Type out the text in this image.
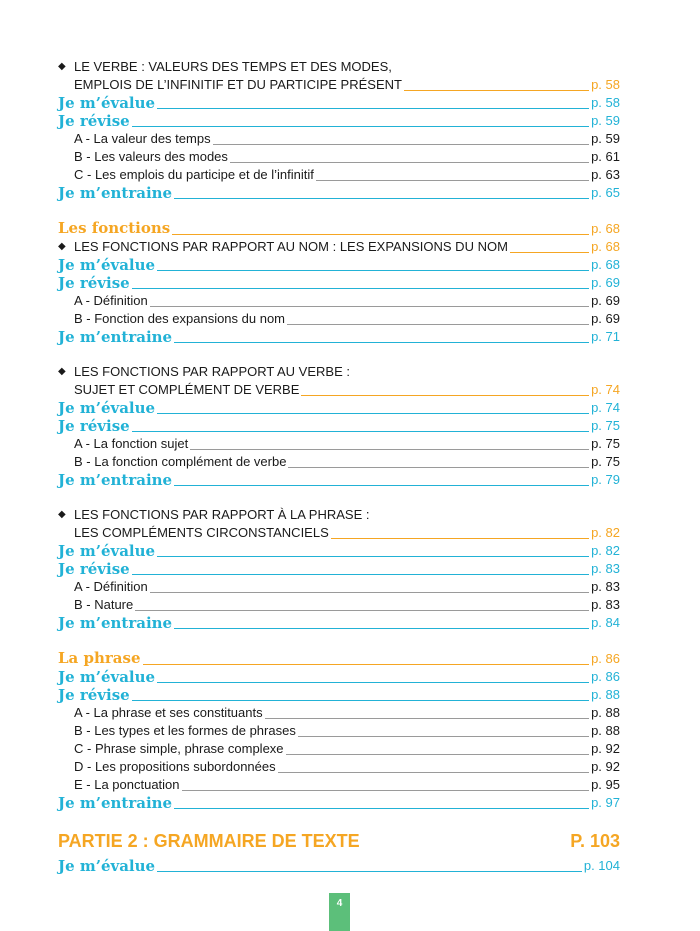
◆ LE VERBE : VALEURS DES TEMPS ET DES MODES,
EMPLOIS DE L’INFINITIF ET DU PARTICIPE PRÉSENT	p. 58
Je m’évalue	p. 58
Je révise	p. 59
A - La valeur des temps	p. 59
B - Les valeurs des modes	p. 61
C - Les emplois du participe et de l’infinitif	p. 63
Je m’entraine	p. 65
Les fonctions	p. 68
◆ LES FONCTIONS PAR RAPPORT AU NOM : LES EXPANSIONS DU NOM	p. 68
Je m’évalue	p. 68
Je révise	p. 69
A - Définition	p. 69
B - Fonction des expansions du nom	p. 69
Je m’entraine	p. 71
◆ LES FONCTIONS PAR RAPPORT AU VERBE :
SUJET ET COMPLÉMENT DE VERBE	p. 74
Je m’évalue	p. 74
Je révise	p. 75
A - La fonction sujet	p. 75
B - La fonction complément de verbe	p. 75
Je m’entraine	p. 79
◆ LES FONCTIONS PAR RAPPORT À LA PHRASE :
LES COMPLÉMENTS CIRCONSTANCIELS	p. 82
Je m’évalue	p. 82
Je révise	p. 83
A - Définition	p. 83
B - Nature	p. 83
Je m’entraine	p. 84
La phrase	p. 86
Je m’évalue	p. 86
Je révise	p. 88
A - La phrase et ses constituants	p. 88
B - Les types et les formes de phrases	p. 88
C - Phrase simple, phrase complexe	p. 92
D - Les propositions subordonnées	p. 92
E - La ponctuation	p. 95
Je m’entraine	p. 97
PARTIE 2 : GRAMMAIRE DE TEXTE	P. 103
Je m’évalue	p. 104
4
